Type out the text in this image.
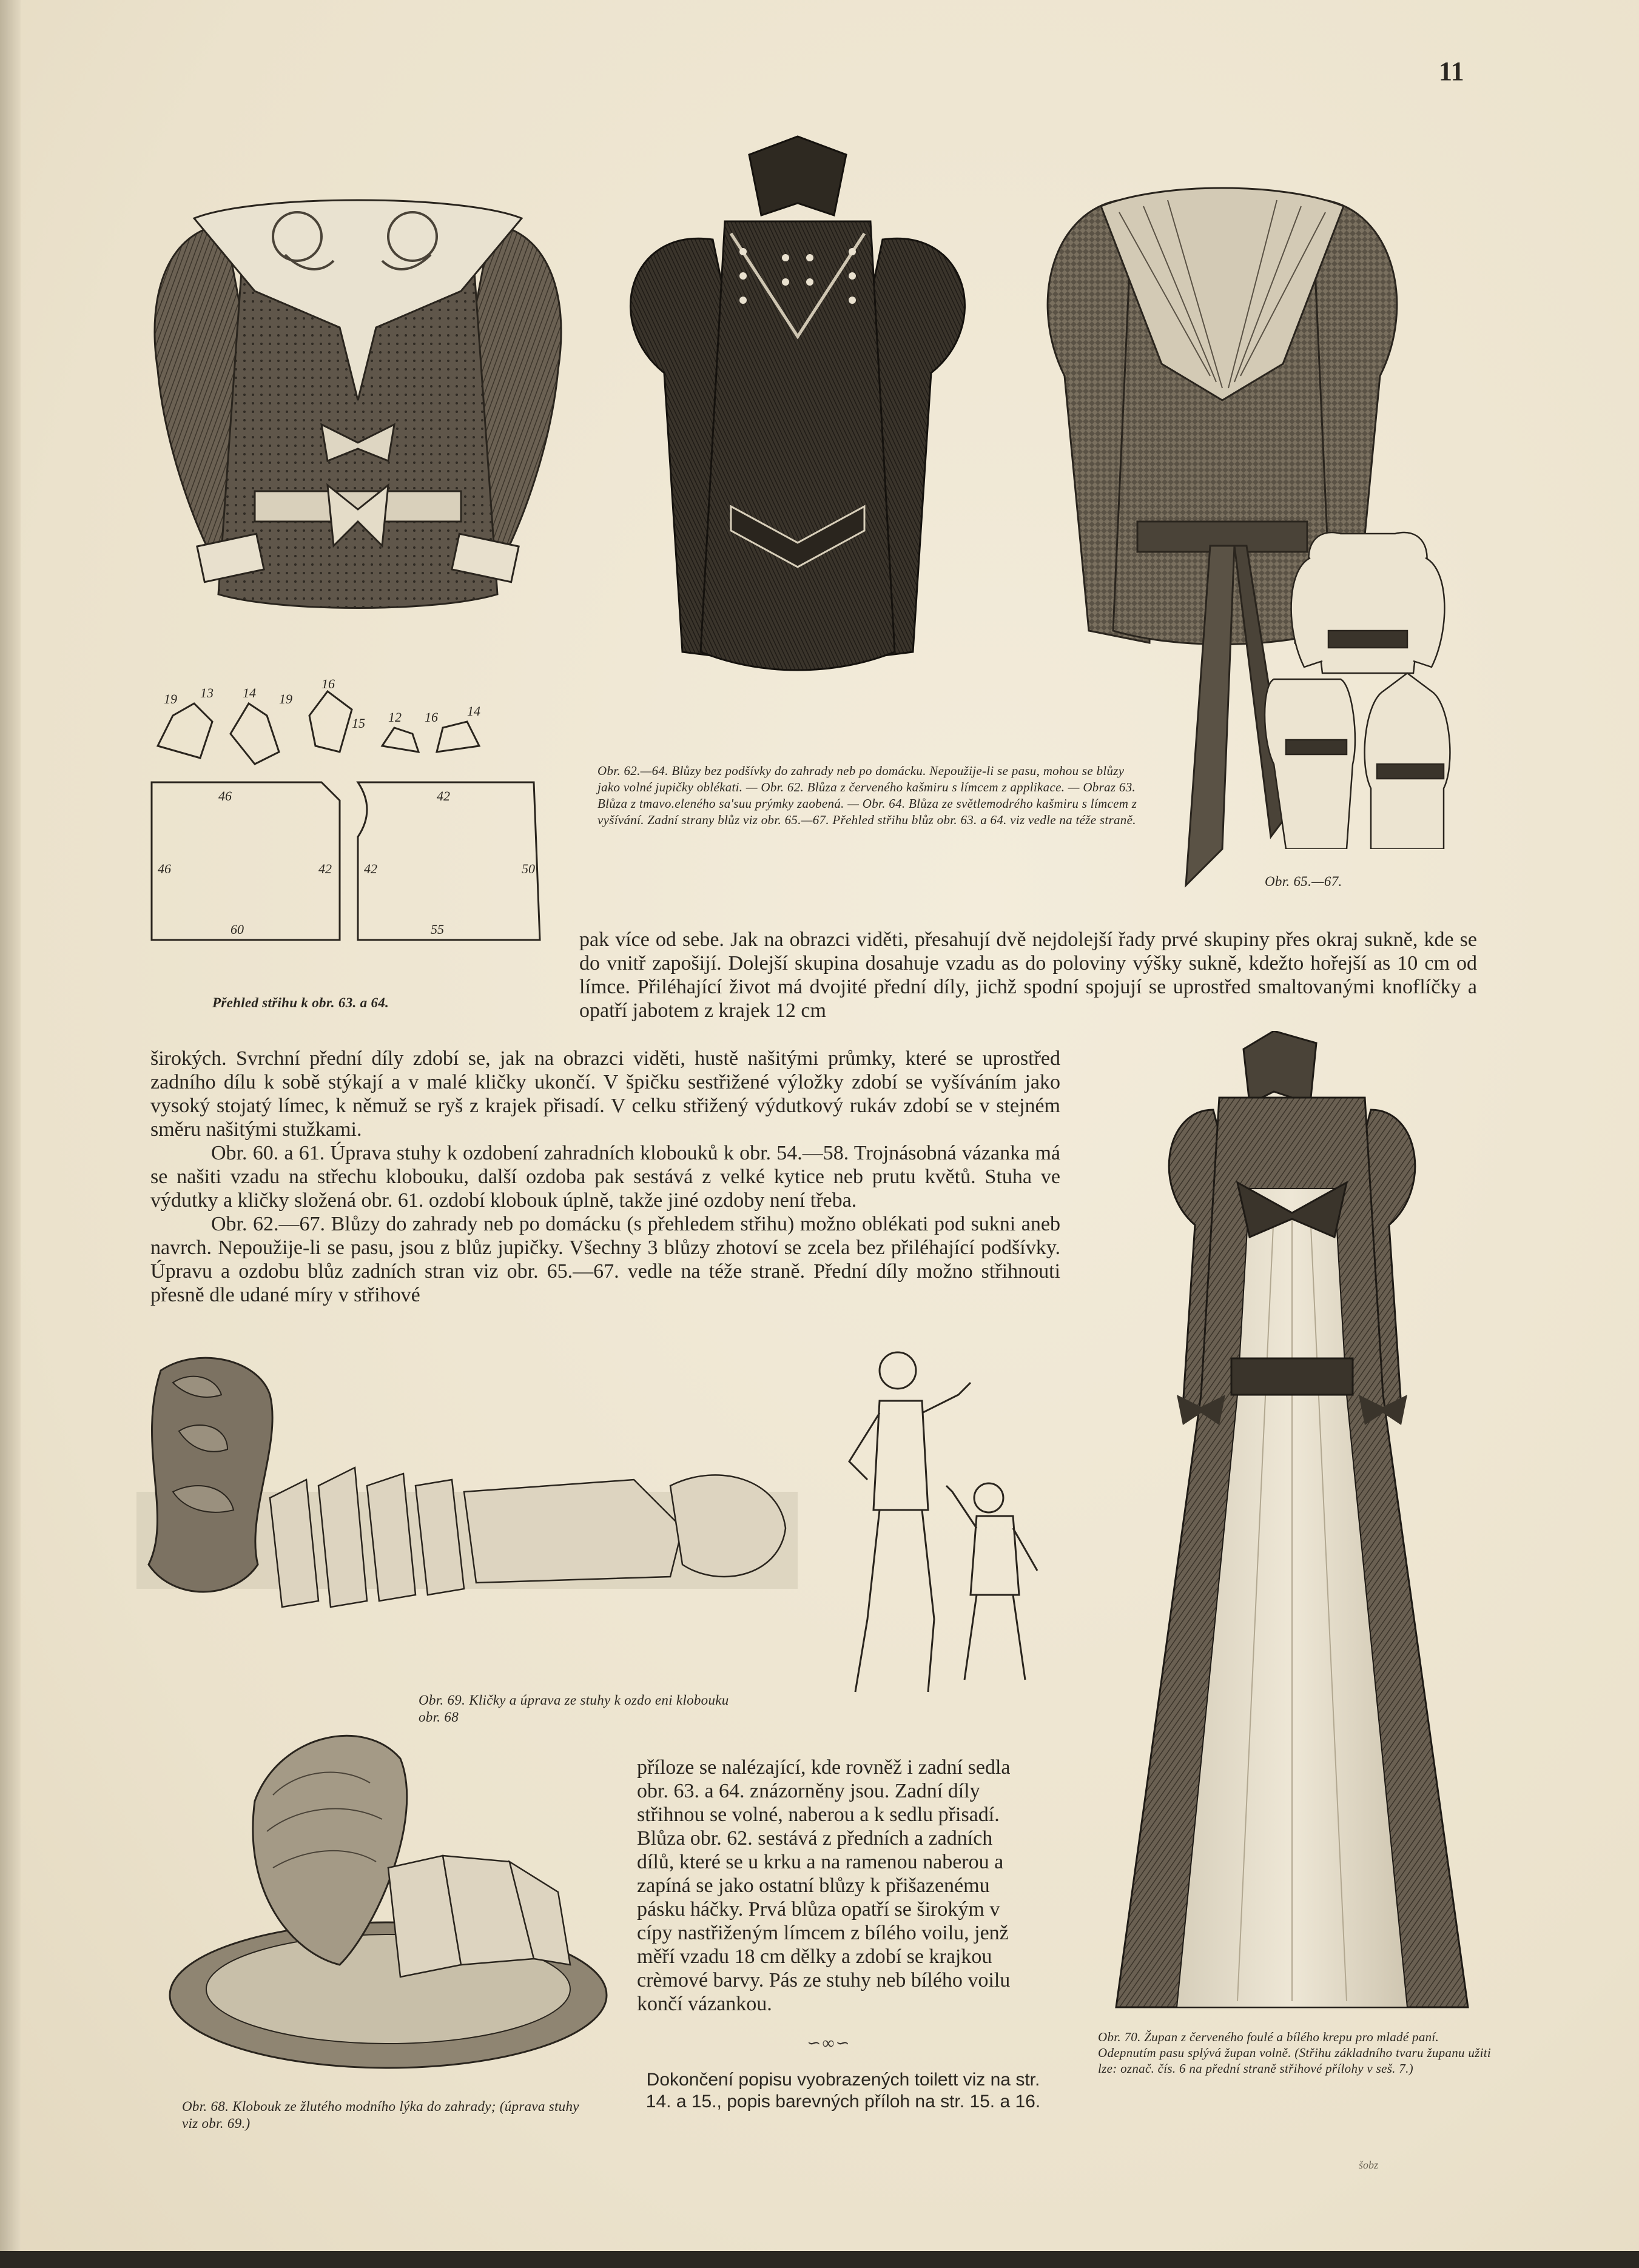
11
19 13 14 19
16
15 12 16 14
46	42
46	42 42	50
60	55
Obr. 62.—64. Blůzy bez podšívky do zahrady neb po domácku. Nepoužije-li se pasu, mohou se blůzy jako volné jupičky oblékati. — Obr. 62. Blůza z červeného kašmiru s límcem z applikace. — Obraz 63. Blůza z tmavo.eleného sa'suu prýmky zaobená. — Obr. 64. Blůza ze světlemodrého kašmiru s límcem z vyšívání. Zadní strany blůz viz obr. 65.—67. Přehled střihu blůz obr. 63. a 64. viz vedle na téže straně.
Obr. 65.—67.
Přehled střihu k obr. 63. a 64.

pak více od sebe. Jak na obrazci viděti, přesahují dvě nejdolejší řady prvé skupiny přes okraj sukně, kde se do vnitř zapošijí. Dolejší skupina dosahuje vzadu as do poloviny výšky sukně, kdežto hořejší as 10 cm od límce. Přiléhající život má dvojité přední díly, jichž spodní spojují se uprostřed smaltovanými knoflíčky a opatří jabotem z krajek 12 cm

širokých. Svrchní přední díly zdobí se, jak na obrazci viděti, hustě našitými průmky, které se uprostřed zadního dílu k sobě stýkají a v malé kličky ukončí. V špičku sestřižené výložky zdobí se vyšíváním jako vysoký stojatý límec, k němuž se ryš z krajek přisadí. V celku střižený výdutkový rukáv zdobí se v stejném směru našitými stužkami.

Obr. 60. a 61. Úprava stuhy k ozdobení zahradních klobouků k obr. 54.—58. Trojnásobná vázanka má se našiti vzadu na střechu klobouku, další ozdoba pak sestává z velké kytice neb prutu květů. Stuha ve výdutky a kličky složená obr. 61. ozdobí klobouk úplně, takže jiné ozdoby není třeba.

Obr. 62.—67. Blůzy do zahrady neb po domácku (s přehledem střihu) možno oblékati pod sukni aneb navrch. Nepoužije-li se pasu, jsou z blůz jupičky. Všechny 3 blůzy zhotoví se zcela bez přiléhající podšívky. Úpravu a ozdobu blůz zadních stran viz obr. 65.—67. vedle na téže straně. Přední díly možno střihnouti přesně dle udané míry v střihové

Obr. 69. Kličky a úprava ze stuhy k ozdo eni klobouku obr. 68
Obr. 68. Klobouk ze žlutého modního lýka do zahrady; (úprava stuhy viz obr. 69.)

příloze se nalézající, kde rovněž i zadní sedla obr. 63. a 64. znázorněny jsou. Zadní díly střihnou se volné, naberou a k sedlu přisadí. Blůza obr. 62. sestává z předních a zadních dílů, které se u krku a na ramenou naberou a zapíná se jako ostatní blůzy k přišazenému pásku háčky. Prvá blůza opatří se širokým v cípy nastřiženým límcem z bílého voilu, jenž měří vzadu 18 cm dělky a zdobí se krajkou crèmové barvy. Pás ze stuhy neb bílého voilu končí vázankou.

∽∞∽
Dokončení popisu vyobrazených toilett viz na str. 14. a 15., popis barevných příloh na str. 15. a 16.
Obr. 70. Župan z červeného foulé a bílého krepu pro mladé paní. Odepnutím pasu splývá župan volně. (Střihu základního tvaru županu užiti lze: označ. čís. 6 na přední straně střihové přílohy v seš. 7.)
šobz
